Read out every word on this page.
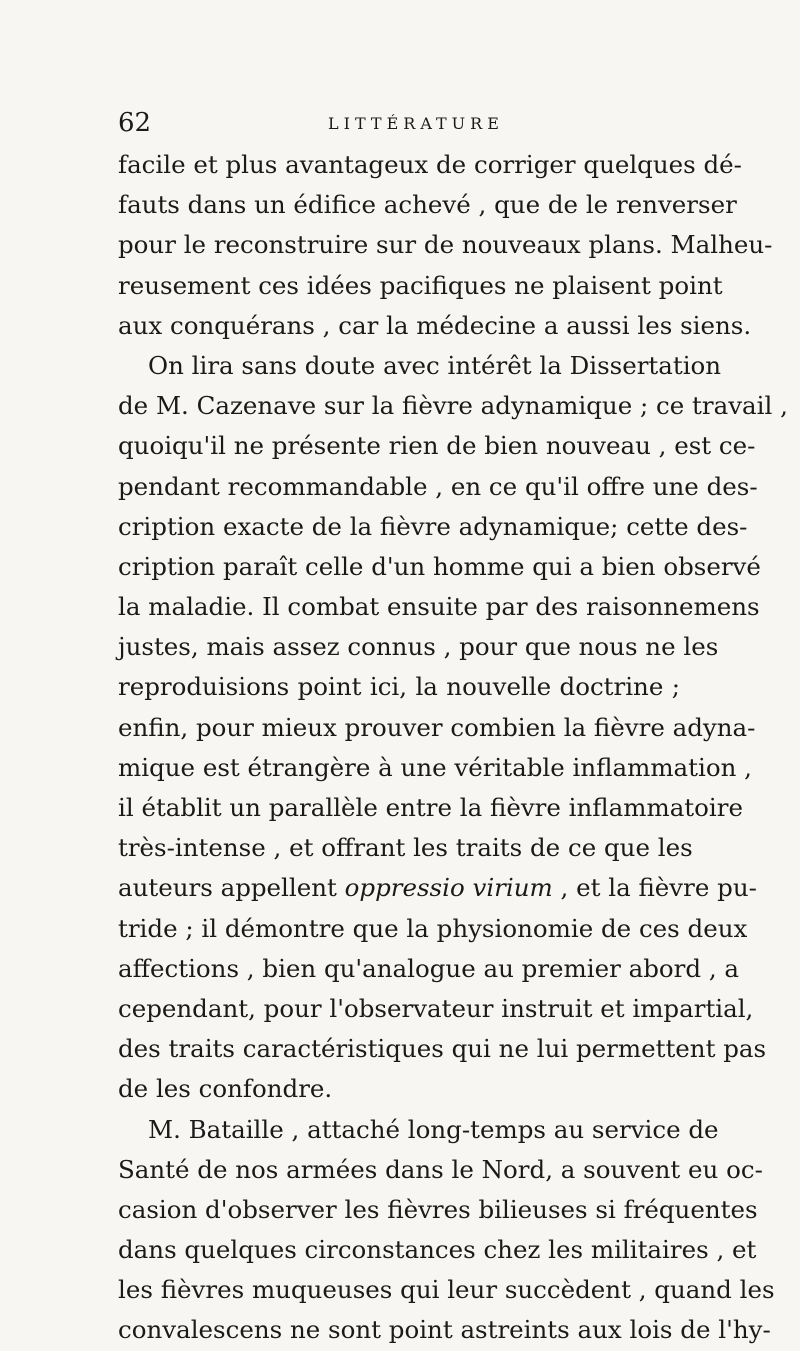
62	LITTÉRATURE
facile et plus avantageux de corriger quelques dé-
fauts dans un édifice achevé , que de le renverser
pour le reconstruire sur de nouveaux plans. Malheu-
reusement ces idées pacifiques ne plaisent point
aux conquérans , car la médecine a aussi les siens.
On lira sans doute avec intérêt la Dissertation
de M. Cazenave sur la fièvre adynamique ; ce travail ,
quoiqu'il ne présente rien de bien nouveau , est ce-
pendant recommandable , en ce qu'il offre une des-
cription exacte de la fièvre adynamique; cette des-
cription paraît celle d'un homme qui a bien observé
la maladie. Il combat ensuite par des raisonnemens
justes, mais assez connus , pour que nous ne les
reproduisions point ici, la nouvelle doctrine ;
enfin, pour mieux prouver combien la fièvre adyna-
mique est étrangère à une véritable inflammation ,
il établit un parallèle entre la fièvre inflammatoire
très-intense , et offrant les traits de ce que les
auteurs appellent oppressio virium , et la fièvre pu-
tride ; il démontre que la physionomie de ces deux
affections , bien qu'analogue au premier abord , a
cependant, pour l'observateur instruit et impartial,
des traits caractéristiques qui ne lui permettent pas
de les confondre.
M. Bataille , attaché long-temps au service de
Santé de nos armées dans le Nord, a souvent eu oc-
casion d'observer les fièvres bilieuses si fréquentes
dans quelques circonstances chez les militaires , et
les fièvres muqueuses qui leur succèdent , quand les
convalescens ne sont point astreints aux lois de l'hy-
